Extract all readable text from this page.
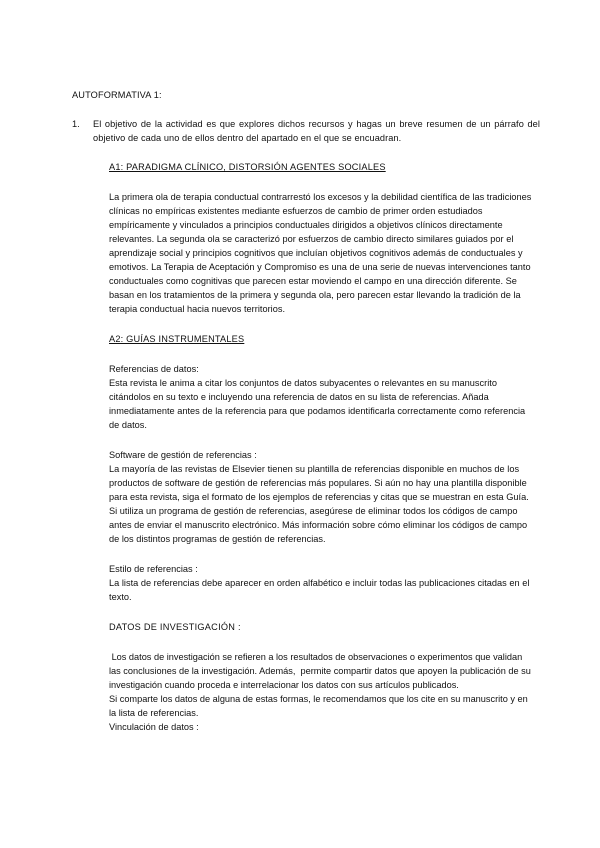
AUTOFORMATIVA 1:

1.	El objetivo de la actividad es que explores dichos recursos y hagas un breve resumen de un párrafo del objetivo de cada uno de ellos dentro del apartado en el que se encuadran.

A1: PARADIGMA CLÍNICO, DISTORSIÓN AGENTES SOCIALES

La primera ola de terapia conductual contrarrestó los excesos y la debilidad científica de las tradiciones clínicas no empíricas existentes mediante esfuerzos de cambio de primer orden estudiados empíricamente y vinculados a principios conductuales dirigidos a objetivos clínicos directamente relevantes. La segunda ola se caracterizó por esfuerzos de cambio directo similares guiados por el aprendizaje social y principios cognitivos que incluían objetivos cognitivos además de conductuales y emotivos. La Terapia de Aceptación y Compromiso es una de una serie de nuevas intervenciones tanto conductuales como cognitivas que parecen estar moviendo el campo en una dirección diferente. Se basan en los tratamientos de la primera y segunda ola, pero parecen estar llevando la tradición de la terapia conductual hacia nuevos territorios.

A2: GUÍAS INSTRUMENTALES

Referencias de datos:

Esta revista le anima a citar los conjuntos de datos subyacentes o relevantes en su manuscrito citándolos en su texto e incluyendo una referencia de datos en su lista de referencias. Añada inmediatamente antes de la referencia para que podamos identificarla correctamente como referencia de datos.

Software de gestión de referencias :

La mayoría de las revistas de Elsevier tienen su plantilla de referencias disponible en muchos de los productos de software de gestión de referencias más populares. Si aún no hay una plantilla disponible para esta revista, siga el formato de los ejemplos de referencias y citas que se muestran en esta Guía. Si utiliza un programa de gestión de referencias, asegúrese de eliminar todos los códigos de campo antes de enviar el manuscrito electrónico. Más información sobre cómo eliminar los códigos de campo de los distintos programas de gestión de referencias.

Estilo de referencias :

La lista de referencias debe aparecer en orden alfabético e incluir todas las publicaciones citadas en el texto.

DATOS DE INVESTIGACIÓN :

Los datos de investigación se refieren a los resultados de observaciones o experimentos que validan las conclusiones de la investigación. Además,  permite compartir datos que apoyen la publicación de su investigación cuando proceda e interrelacionar los datos con sus artículos publicados.

Si comparte los datos de alguna de estas formas, le recomendamos que los cite en su manuscrito y en la lista de referencias.

Vinculación de datos :
